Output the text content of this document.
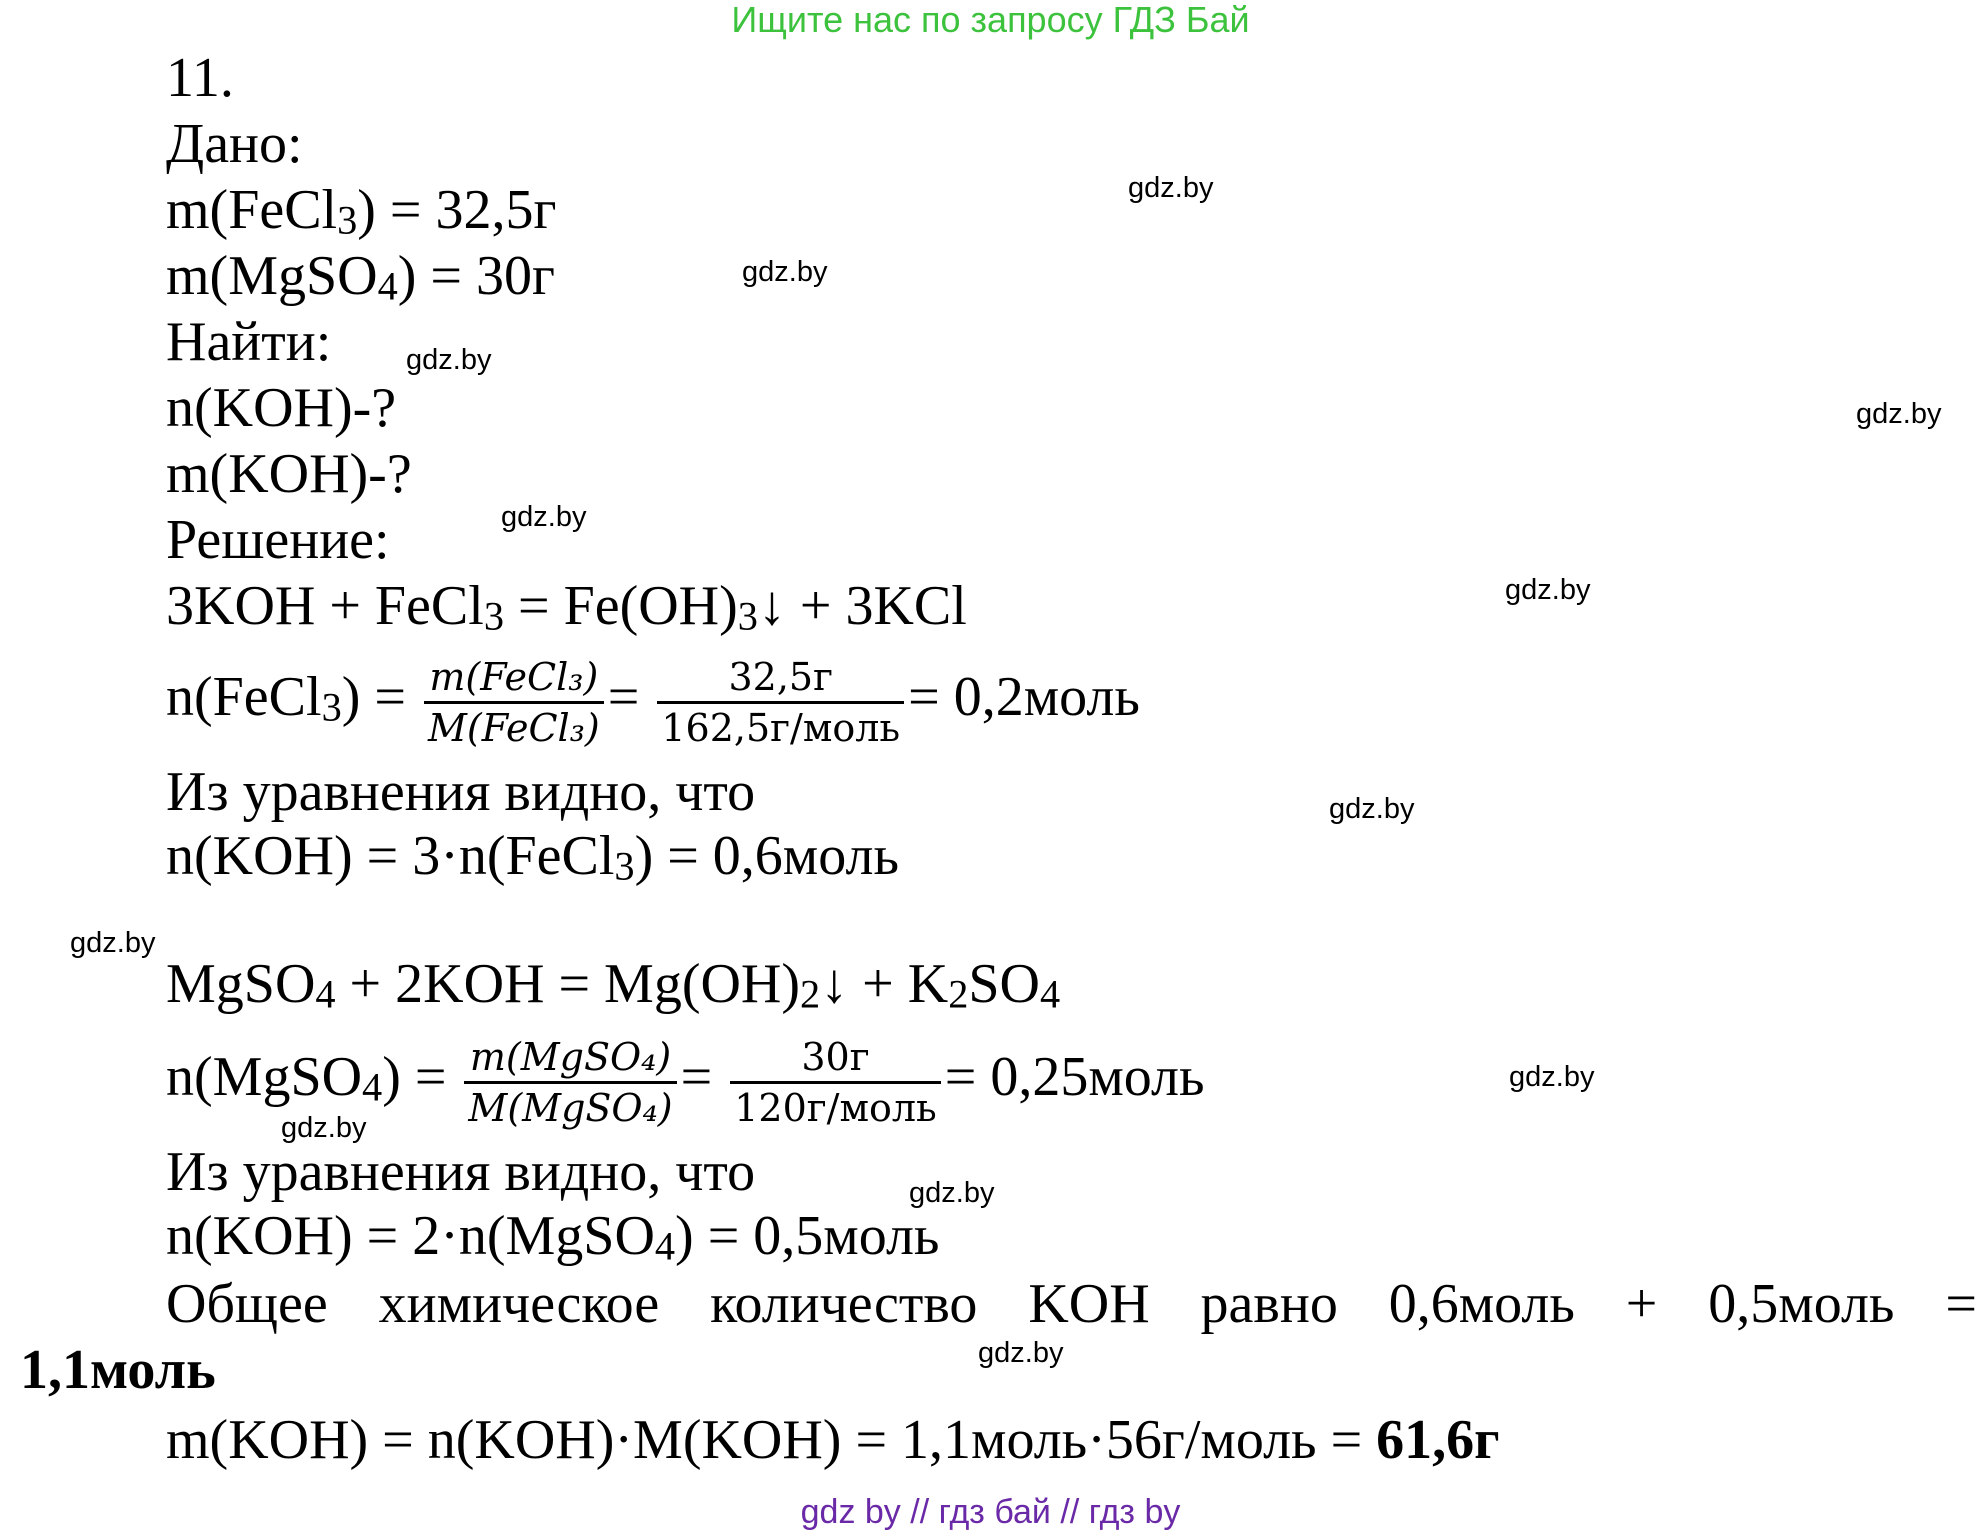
Ищите нас по запросу ГДЗ Бай
11.
Дано:
m(FeCl3) = 32,5г
m(MgSO4) = 30г
Найти:
n(KOH)-?
m(KOH)-?
Решение:
3KOH + FeCl3 = Fe(OH)3↓ + 3KCl
n(FeCl3) = $\frac{\text{m(FeCl₃)}}{\text{M(FeCl₃)}} = \frac{32,5г}{\text{162,5г/моль}}$ = 0,2моль
Из уравнения видно, что
n(KOH) = 3·n(FeCl3) = 0,6моль
MgSO4 + 2KOH = Mg(OH)2↓ + K2SO4
n(MgSO4) = $\frac{\text{m(MgSO₄)}}{\text{M(MgSO₄)}} = \frac{30г}{\text{120г/моль}}$ = 0,25моль
Из уравнения видно, что
n(KOH) = 2·n(MgSO4) = 0,5моль
Общее химическое количество KOH равно 0,6моль + 0,5моль =
1,1моль
m(KOH) = n(KOH)·M(KOH) = 1,1моль·56г/моль = 61,6г
gdz.by
gdz.by
gdz.by
gdz.by
gdz.by
gdz.by
gdz.by
gdz.by
gdz.by
gdz.by
gdz.by
gdz.by
gdz by // гдз бай // гдз by
